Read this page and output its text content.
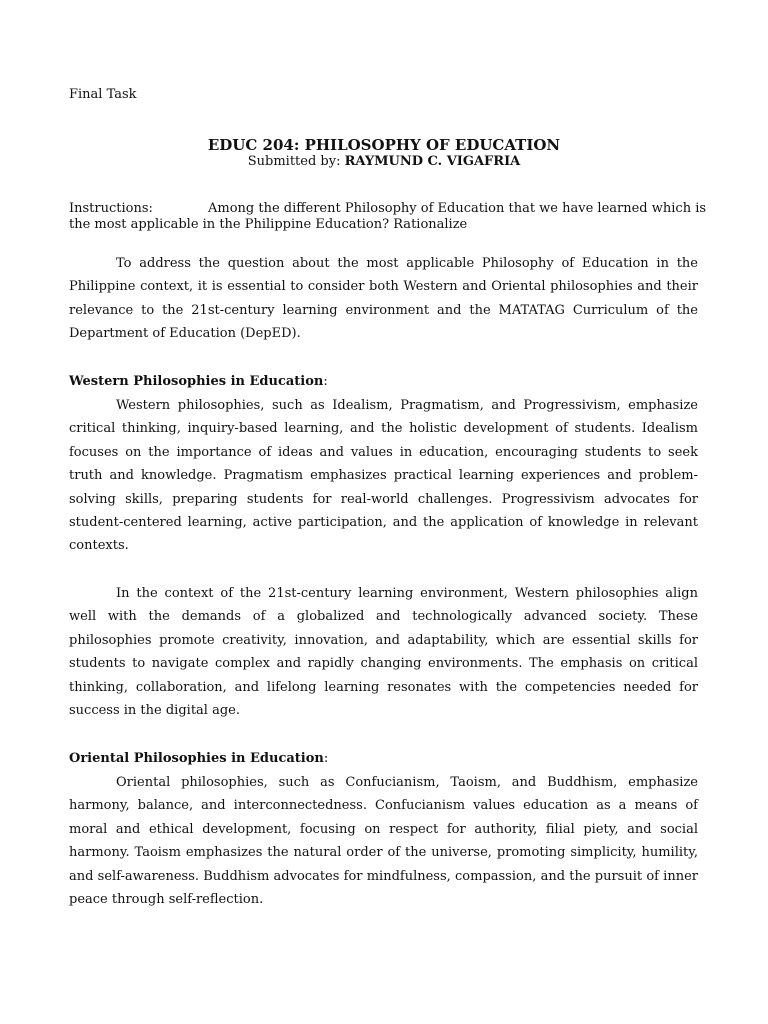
Final Task
EDUC 204: PHILOSOPHY OF EDUCATION
Submitted by: RAYMUND C. VIGAFRIA
Instructions:	Among the different Philosophy of Education that we have learned which is the most applicable in the Philippine Education? Rationalize
To address the question about the most applicable Philosophy of Education in the Philippine context, it is essential to consider both Western and Oriental philosophies and their relevance to the 21st-century learning environment and the MATATAG Curriculum of the Department of Education (DepED).
Western Philosophies in Education:
Western philosophies, such as Idealism, Pragmatism, and Progressivism, emphasize critical thinking, inquiry-based learning, and the holistic development of students. Idealism focuses on the importance of ideas and values in education, encouraging students to seek truth and knowledge. Pragmatism emphasizes practical learning experiences and problem-solving skills, preparing students for real-world challenges. Progressivism advocates for student-centered learning, active participation, and the application of knowledge in relevant contexts.
In the context of the 21st-century learning environment, Western philosophies align well with the demands of a globalized and technologically advanced society. These philosophies promote creativity, innovation, and adaptability, which are essential skills for students to navigate complex and rapidly changing environments. The emphasis on critical thinking, collaboration, and lifelong learning resonates with the competencies needed for success in the digital age.
Oriental Philosophies in Education:
Oriental philosophies, such as Confucianism, Taoism, and Buddhism, emphasize harmony, balance, and interconnectedness. Confucianism values education as a means of moral and ethical development, focusing on respect for authority, filial piety, and social harmony. Taoism emphasizes the natural order of the universe, promoting simplicity, humility, and self-awareness. Buddhism advocates for mindfulness, compassion, and the pursuit of inner peace through self-reflection.
